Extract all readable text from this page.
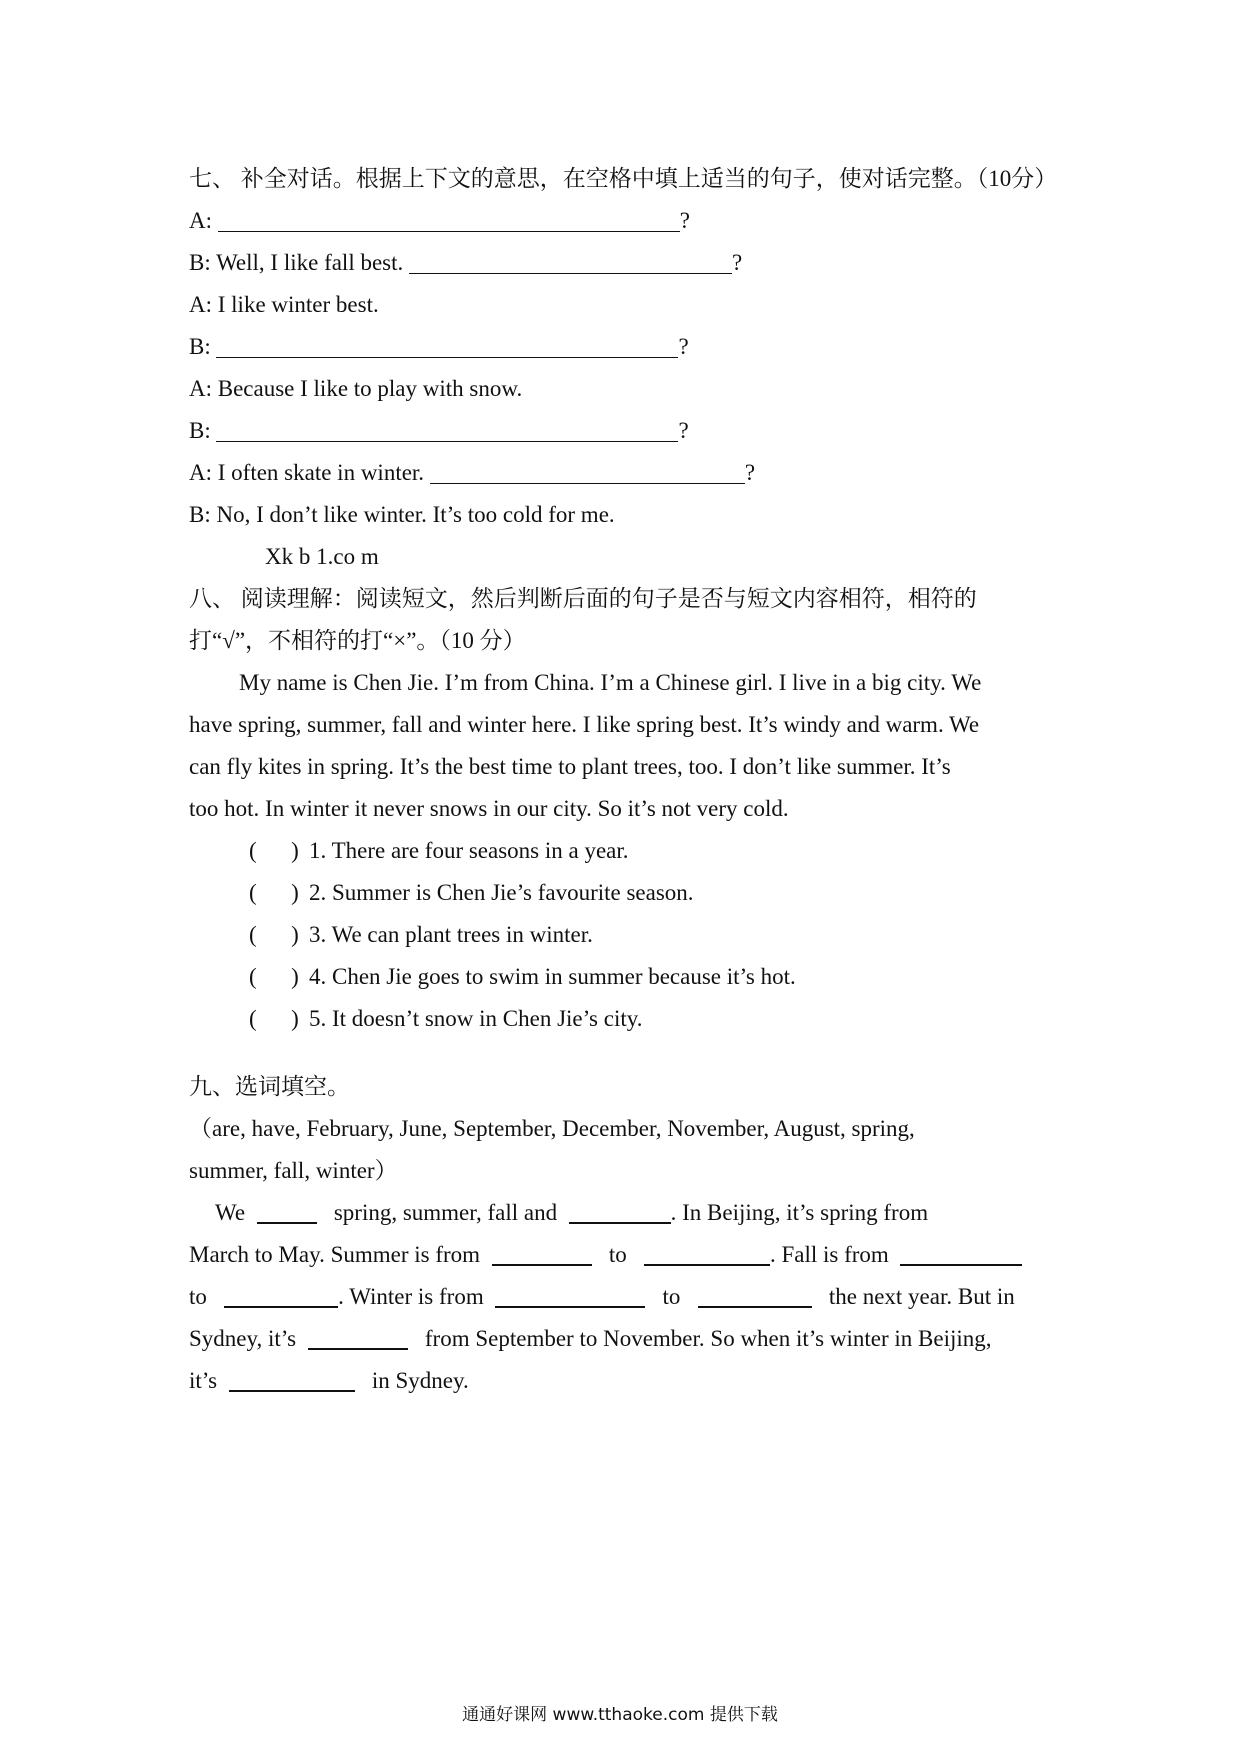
七、 补全对话。根据上下文的意思，在空格中填上适当的句子，使对话完整。（10分）
A:	?
B: Well, I like fall best.	?
A: I like winter best.
B:	?
A: Because I like to play with snow.
B:	?
A: I often skate in winter.	?
B: No, I don’t like winter. It’s too cold for me.
Xk b 1.co m
八、 阅读理解：阅读短文，然后判断后面的句子是否与短文内容相符，相符的
打“√”，不相符的打“×”。（10 分）
My name is Chen Jie. I’m from China. I’m a Chinese girl. I live in a big city. We
have spring, summer, fall and winter here. I like spring best. It’s windy and warm. We
can fly kites in spring. It’s the best time to plant trees, too. I don’t like summer. It’s
too hot. In winter it never snows in our city. So it’s not very cold.
(      ) 1. There are four seasons in a year.
(      ) 2. Summer is Chen Jie’s favourite season.
(      ) 3. We can plant trees in winter.
(      ) 4. Chen Jie goes to swim in summer because it’s hot.
(      ) 5. It doesn’t snow in Chen Jie’s city.
九、选词填空。
（are, have, February, June, September, December, November, August, spring,
summer, fall, winter）
We	spring, summer, fall and	. In Beijing, it’s spring from
March to May. Summer is from	to	. Fall is from
to	. Winter is from	to	the next year. But in
Sydney, it’s	from September to November. So when it’s winter in Beijing,
it’s	in Sydney.
通通好课网 www.tthaoke.com 提供下载
